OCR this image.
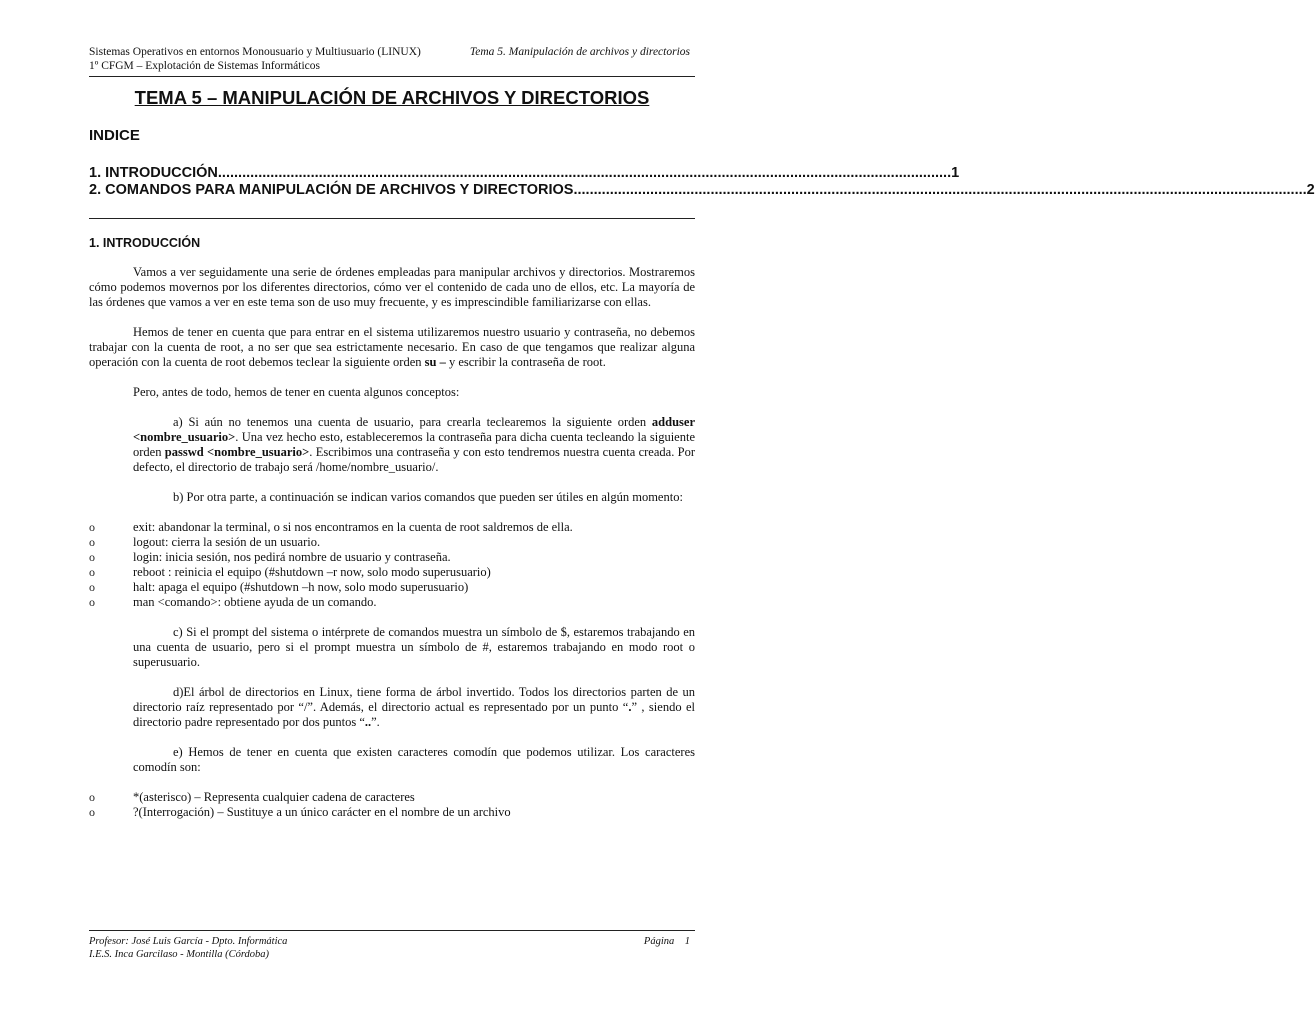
Sistemas Operativos en entornos Monousuario y Multiusuario (LINUX)	Tema 5. Manipulación de archivos y directorios
1º CFGM – Explotación de Sistemas Informáticos
TEMA 5 – MANIPULACIÓN DE ARCHIVOS Y DIRECTORIOS
INDICE
1. INTRODUCCIÓN ...................................................................................................................................................................................... 1
2. COMANDOS PARA MANIPULACIÓN DE ARCHIVOS Y DIRECTORIOS ...................................................................................................................................................................................... 2
1. INTRODUCCIÓN

Vamos a ver seguidamente una serie de órdenes empleadas para manipular archivos y directorios. Mostraremos cómo podemos movernos por los diferentes directorios, cómo ver el contenido de cada uno de ellos, etc. La mayoría de las órdenes que vamos a ver en este tema son de uso muy frecuente, y es imprescindible familiarizarse con ellas.

Hemos de tener en cuenta que para entrar en el sistema utilizaremos nuestro usuario y contraseña, no debemos trabajar con la cuenta de root, a no ser que sea estrictamente necesario. En caso de que tengamos que realizar alguna operación con la cuenta de root debemos teclear la siguiente orden su – y escribir la contraseña de root.

Pero, antes de todo, hemos de tener en cuenta algunos conceptos:

a) Si aún no tenemos una cuenta de usuario, para crearla teclearemos la siguiente orden adduser <nombre_usuario>. Una vez hecho esto, estableceremos la contraseña para dicha cuenta tecleando la siguiente orden passwd <nombre_usuario>. Escribimos una contraseña y con esto tendremos nuestra cuenta creada. Por defecto, el directorio de trabajo será /home/nombre_usuario/.

b) Por otra parte, a continuación se indican varios comandos que pueden ser útiles en algún momento:

o	exit: abandonar la terminal, o si nos encontramos en la cuenta de root saldremos de ella.
o	logout: cierra la sesión de un usuario.
o	login: inicia sesión, nos pedirá nombre de usuario y contraseña.
o	reboot : reinicia el equipo (#shutdown –r now, solo modo superusuario)
o	halt: apaga el equipo (#shutdown –h now, solo modo superusuario)
o	man <comando>: obtiene ayuda de un comando.

c) Si el prompt del sistema o intérprete de comandos muestra un símbolo de $, estaremos trabajando en una cuenta de usuario, pero si el prompt muestra un símbolo de #, estaremos trabajando en modo root o superusuario.

d)El árbol de directorios en Linux, tiene forma de árbol invertido. Todos los directorios parten de un directorio raíz representado por “/”. Además, el directorio actual es representado por un punto “.” , siendo el directorio padre representado por dos puntos “..”.

e) Hemos de tener en cuenta que existen caracteres comodín que podemos utilizar. Los caracteres comodín son:

o	*(asterisco) – Representa cualquier cadena de caracteres
o	?(Interrogación) – Sustituye a un único carácter en el nombre de un archivo
Profesor: José Luis García - Dpto. Informática	Página    1
I.E.S. Inca Garcilaso - Montilla (Córdoba)
